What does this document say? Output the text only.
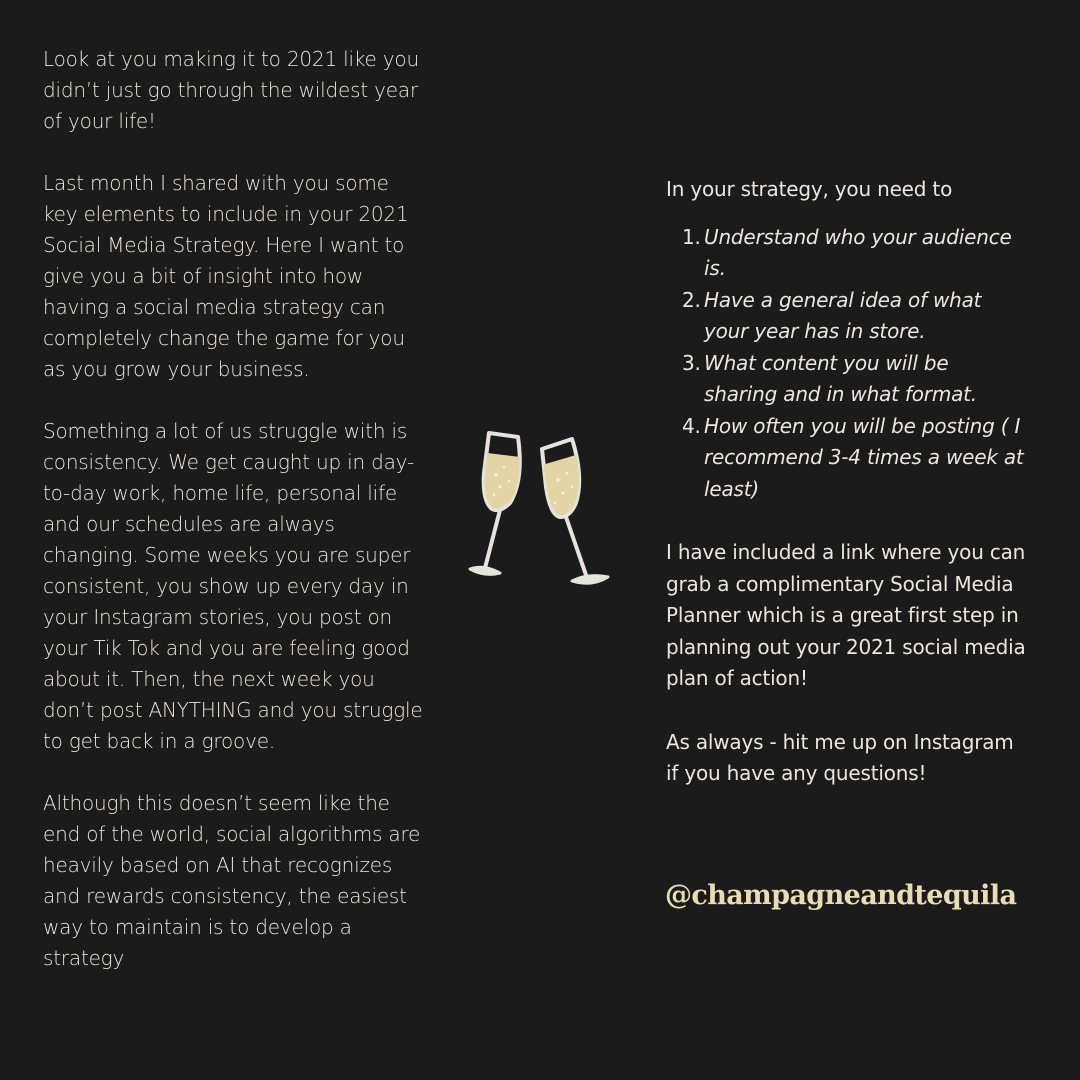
Look at you making it to 2021 like you didn’t just go through the wildest year of your life!

Last month I shared with you some key elements to include in your 2021 Social Media Strategy. Here I want to give you a bit of insight into how having a social media strategy can completely change the game for you as you grow your business.

Something a lot of us struggle with is consistency. We get caught up in day-to-day work, home life, personal life and our schedules are always changing. Some weeks you are super consistent, you show up every day in your Instagram stories, you post on your Tik Tok and you are feeling good about it. Then, the next week you don’t post ANYTHING and you struggle to get back in a groove.

Although this doesn’t seem like the end of the world, social algorithms are heavily based on AI that recognizes and rewards consistency, the easiest way to maintain is to develop a strategy

In your strategy, you need to

1. Understand who your audience is.
2. Have a general idea of what your year has in store.
3. What content you will be sharing and in what format.
4. How often you will be posting ( I recommend 3-4 times a week at least)

I have included a link where you can grab a complimentary Social Media Planner which is a great first step in planning out your 2021 social media plan of action!

As always - hit me up on Instagram if you have any questions!

@champagneandtequila
